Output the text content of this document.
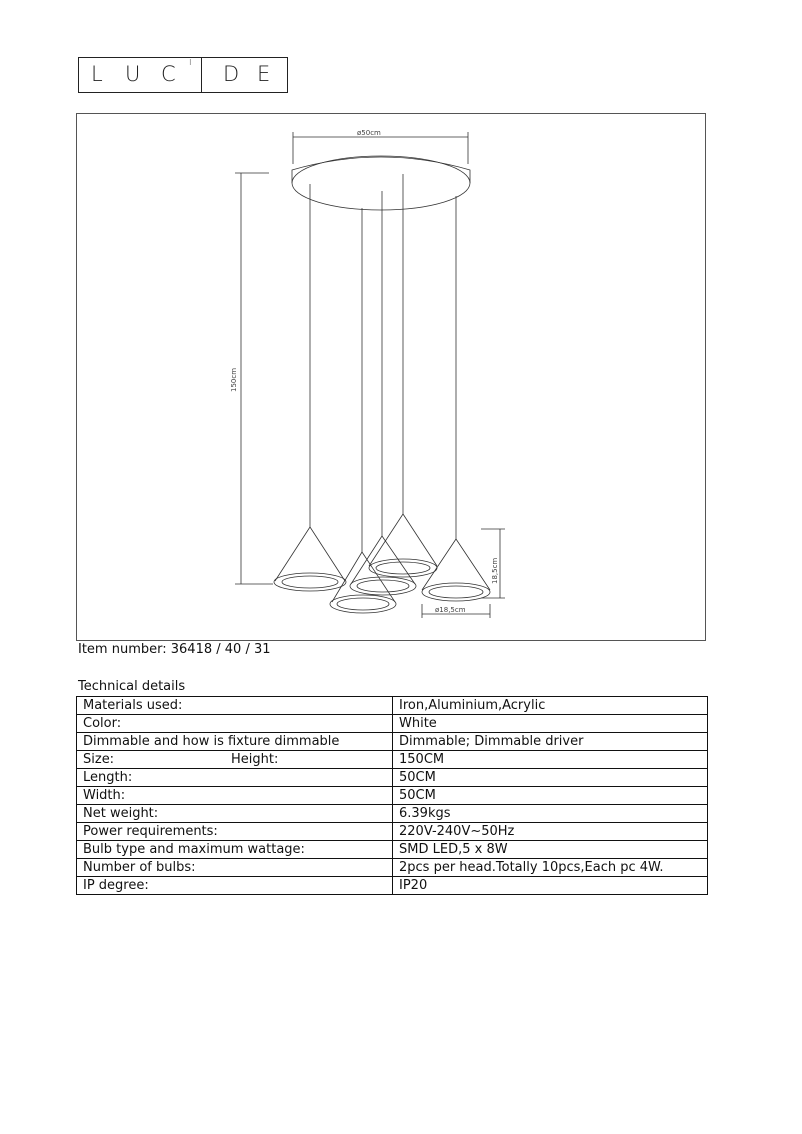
L U C I D E
ø50cm
150cm
18,5cm
ø18,5cm
Item number: 36418 / 40 / 31
Technical details
Materials used:	Iron,Aluminium,Acrylic
Color:	White
Dimmable and how is fixture dimmable	Dimmable; Dimmable driver
Size: Height:	150CM
Length:	50CM
Width:	50CM
Net weight:	6.39kgs
Power requirements:	220V-240V~50Hz
Bulb type and maximum wattage:	SMD LED,5 x 8W
Number of bulbs:	2pcs per head.Totally 10pcs,Each pc 4W.
IP degree:	IP20
